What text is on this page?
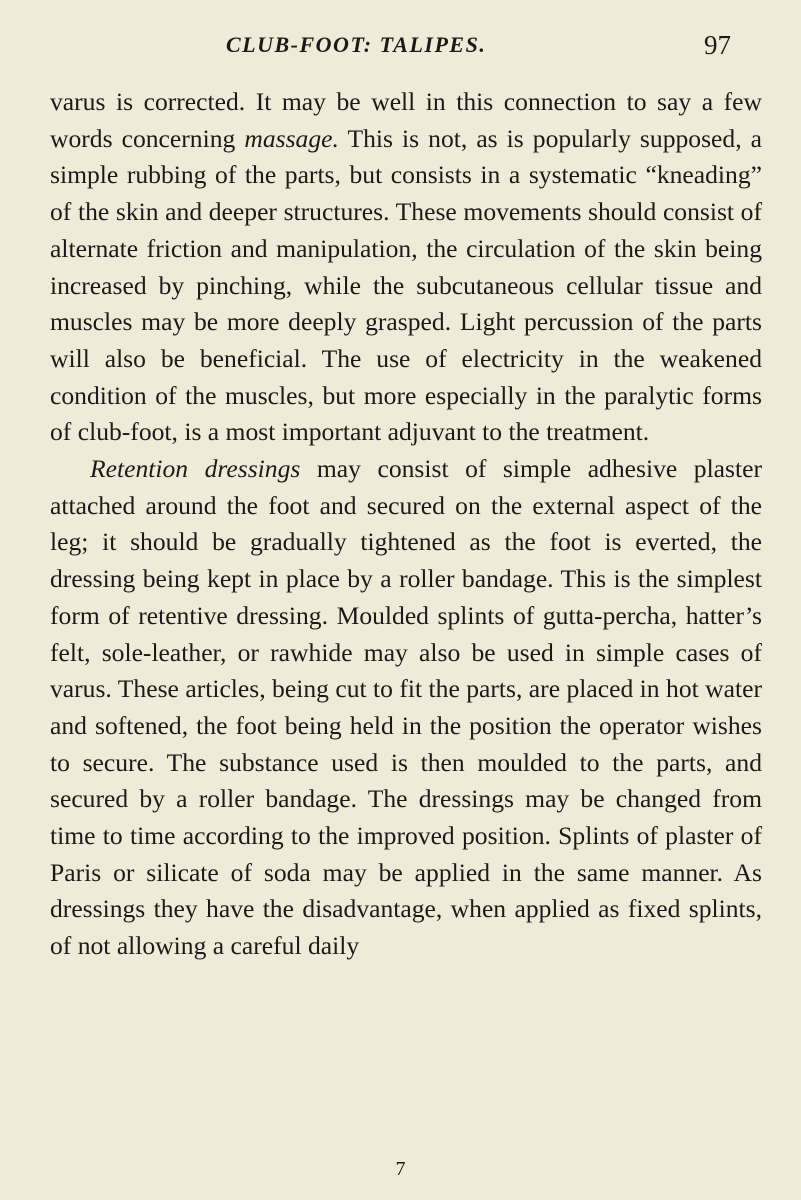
CLUB-FOOT: TALIPES.	97

varus is corrected. It may be well in this connection to say a few words concerning massage. This is not, as is popularly supposed, a simple rubbing of the parts, but consists in a systematic “kneading” of the skin and deeper structures. These movements should consist of alternate friction and manipulation, the circulation of the skin being increased by pinching, while the subcutaneous cellular tissue and muscles may be more deeply grasped. Light percussion of the parts will also be beneficial. The use of electricity in the weakened condition of the muscles, but more especially in the paralytic forms of club-foot, is a most important adjuvant to the treatment.

Retention dressings may consist of simple adhesive plaster attached around the foot and secured on the external aspect of the leg; it should be gradually tightened as the foot is everted, the dressing being kept in place by a roller bandage. This is the simplest form of retentive dressing. Moulded splints of gutta-percha, hatter’s felt, sole-leather, or rawhide may also be used in simple cases of varus. These articles, being cut to fit the parts, are placed in hot water and softened, the foot being held in the position the operator wishes to secure. The substance used is then moulded to the parts, and secured by a roller bandage. The dressings may be changed from time to time according to the improved position. Splints of plaster of Paris or silicate of soda may be applied in the same manner. As dressings they have the disadvantage, when applied as fixed splints, of not allowing a careful daily

7
